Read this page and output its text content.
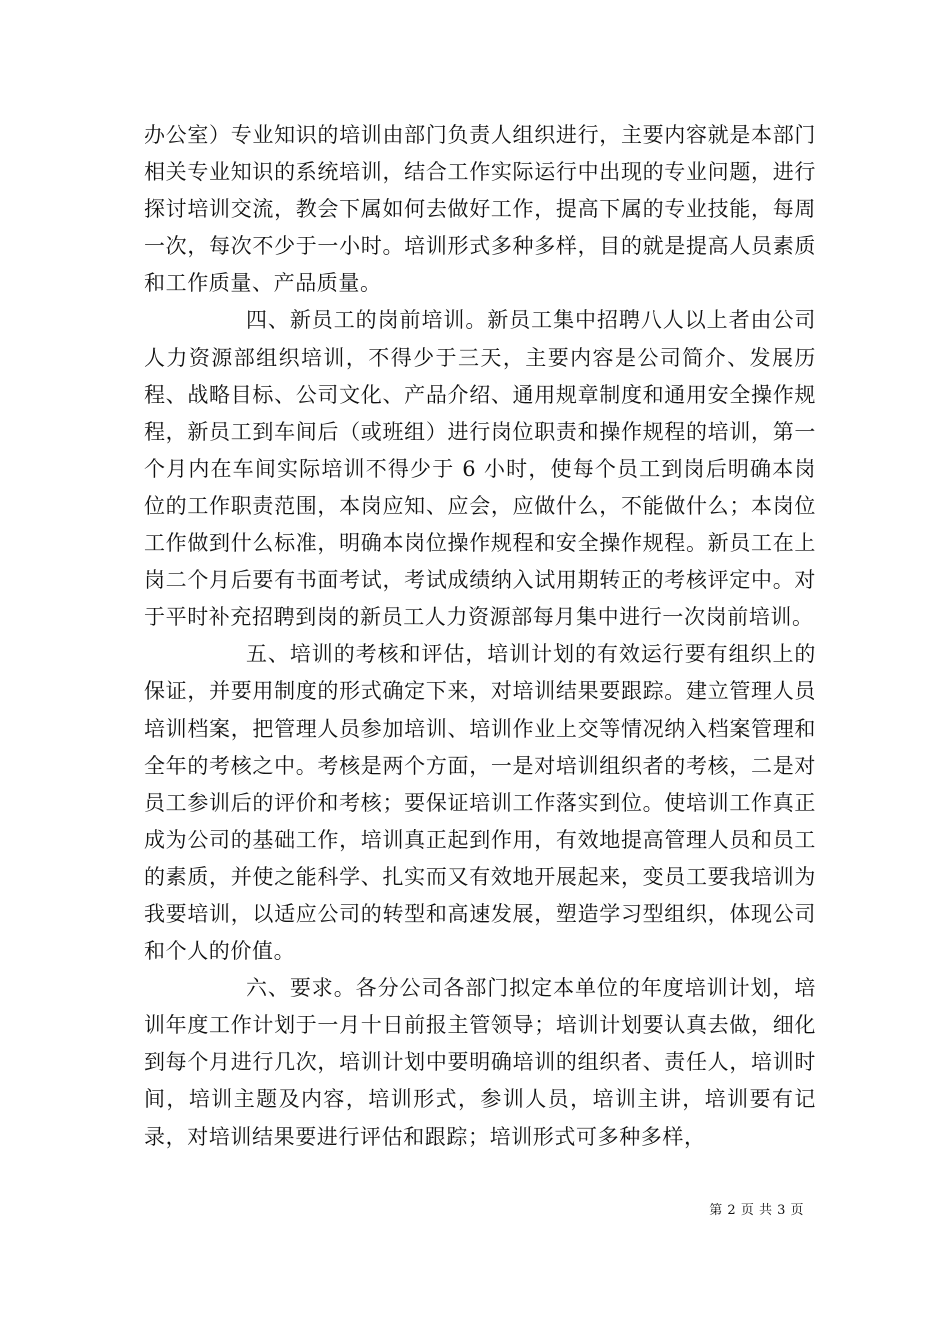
办公室）专业知识的培训由部门负责人组织进行，主要内容就是本部门相关专业知识的系统培训，结合工作实际运行中出现的专业问题，进行探讨培训交流，教会下属如何去做好工作，提高下属的专业技能，每周一次，每次不少于一小时。培训形式多种多样，目的就是提高人员素质和工作质量、产品质量。

四、新员工的岗前培训。新员工集中招聘八人以上者由公司人力资源部组织培训，不得少于三天，主要内容是公司简介、发展历程、战略目标、公司文化、产品介绍、通用规章制度和通用安全操作规程，新员工到车间后（或班组）进行岗位职责和操作规程的培训，第一个月内在车间实际培训不得少于 6 小时，使每个员工到岗后明确本岗位的工作职责范围，本岗应知、应会，应做什么，不能做什么；本岗位工作做到什么标准，明确本岗位操作规程和安全操作规程。新员工在上岗二个月后要有书面考试，考试成绩纳入试用期转正的考核评定中。对于平时补充招聘到岗的新员工人力资源部每月集中进行一次岗前培训。

五、培训的考核和评估，培训计划的有效运行要有组织上的保证，并要用制度的形式确定下来，对培训结果要跟踪。建立管理人员培训档案，把管理人员参加培训、培训作业上交等情况纳入档案管理和全年的考核之中。考核是两个方面，一是对培训组织者的考核，二是对员工参训后的评价和考核；要保证培训工作落实到位。使培训工作真正成为公司的基础工作，培训真正起到作用，有效地提高管理人员和员工的素质，并使之能科学、扎实而又有效地开展起来，变员工要我培训为我要培训，以适应公司的转型和高速发展，塑造学习型组织，体现公司和个人的价值。

六、要求。各分公司各部门拟定本单位的年度培训计划，培训年度工作计划于一月十日前报主管领导；培训计划要认真去做，细化到每个月进行几次，培训计划中要明确培训的组织者、责任人，培训时间，培训主题及内容，培训形式，参训人员，培训主讲，培训要有记录，对培训结果要进行评估和跟踪；培训形式可多种多样，

第 2 页 共 3 页
